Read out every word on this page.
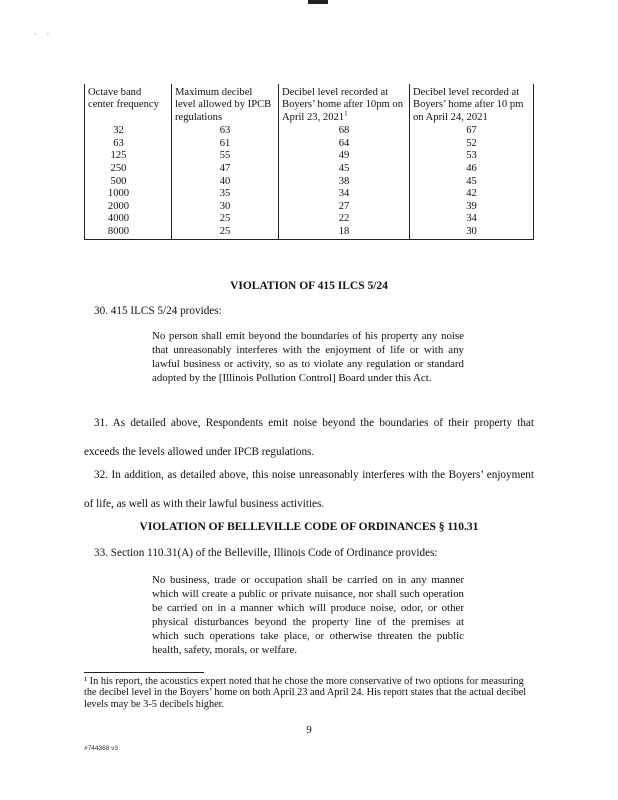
· ·
Octave band center frequency	Maximum decibel level allowed by IPCB regulations	Decibel level recorded at Boyers’ home after 10pm on April 23, 2021$^1$	Decibel level recorded at Boyers’ home after 10 pm on April 24, 2021
32	63	68	67
63	61	64	52
125	55	49	53
250	47	45	46
500	40	38	45
1000	35	34	42
2000	30	27	39
4000	25	22	34
8000	25	18	30
VIOLATION OF 415 ILCS 5/24
30. 415 ILCS 5/24 provides:
No person shall emit beyond the boundaries of his property any noise that unreasonably interferes with the enjoyment of life or with any lawful business or activity, so as to violate any regulation or standard adopted by the [Illinois Pollution Control] Board under this Act.
31. As detailed above, Respondents emit noise beyond the boundaries of their property that exceeds the levels allowed under IPCB regulations.
32. In addition, as detailed above, this noise unreasonably interferes with the Boyers’ enjoyment of life, as well as with their lawful business activities.
VIOLATION OF BELLEVILLE CODE OF ORDINANCES § 110.31
33. Section 110.31(A) of the Belleville, Illinois Code of Ordinance provides:
No business, trade or occupation shall be carried on in any manner which will create a public or private nuisance, nor shall such operation be carried on in a manner which will produce noise, odor, or other physical disturbances beyond the property line of the premises at which such operations take place, or otherwise threaten the public health, safety, morals, or welfare.
¹ In his report, the acoustics expert noted that he chose the more conservative of two options for measuring the decibel level in the Boyers’ home on both April 23 and April 24. His report states that the actual decibel levels may be 3-5 decibels higher.
9
#744368 v3
